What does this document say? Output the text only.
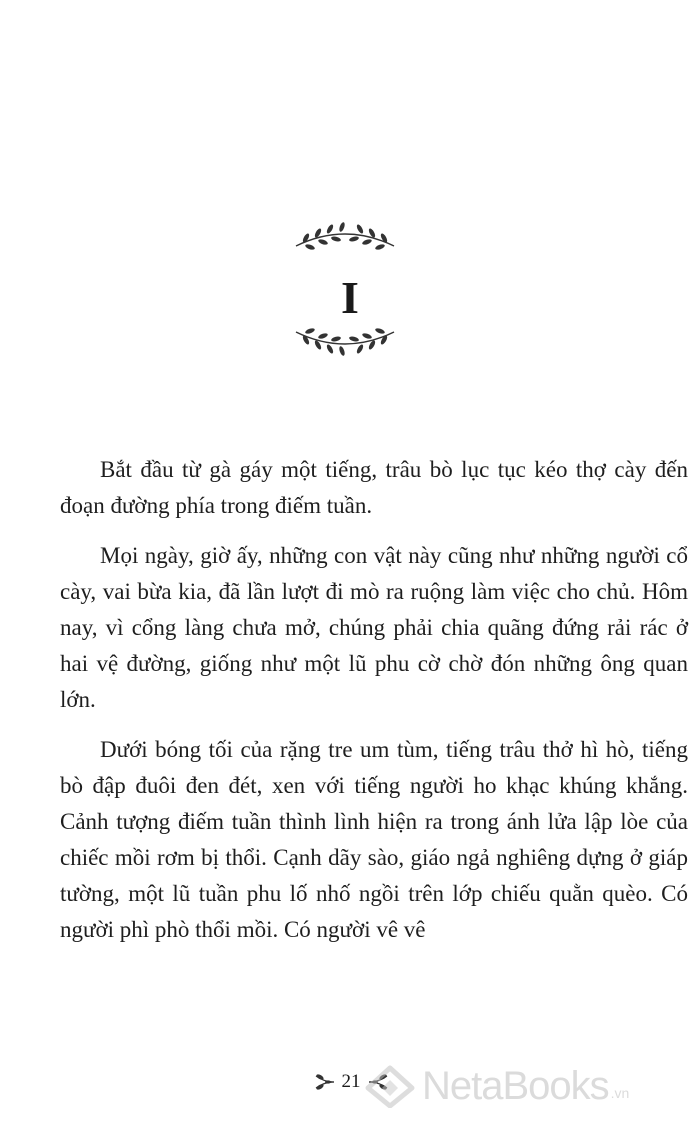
I

Bắt đầu từ gà gáy một tiếng, trâu bò lục tục kéo thợ cày đến đoạn đường phía trong điếm tuần.

Mọi ngày, giờ ấy, những con vật này cũng như những người cổ cày, vai bừa kia, đã lần lượt đi mò ra ruộng làm việc cho chủ. Hôm nay, vì cổng làng chưa mở, chúng phải chia quãng đứng rải rác ở hai vệ đường, giống như một lũ phu cờ chờ đón những ông quan lớn.

Dưới bóng tối của rặng tre um tùm, tiếng trâu thở hì hò, tiếng bò đập đuôi đen đét, xen với tiếng người ho khạc khúng khắng. Cảnh tượng điếm tuần thình lình hiện ra trong ánh lửa lập lòe của chiếc mồi rơm bị thổi. Cạnh dãy sào, giáo ngả nghiêng dựng ở giáp tường, một lũ tuần phu lố nhố ngồi trên lớp chiếu quằn quèo. Có người phì phò thổi mồi. Có người vê vê

21 NetaBooks .vn
